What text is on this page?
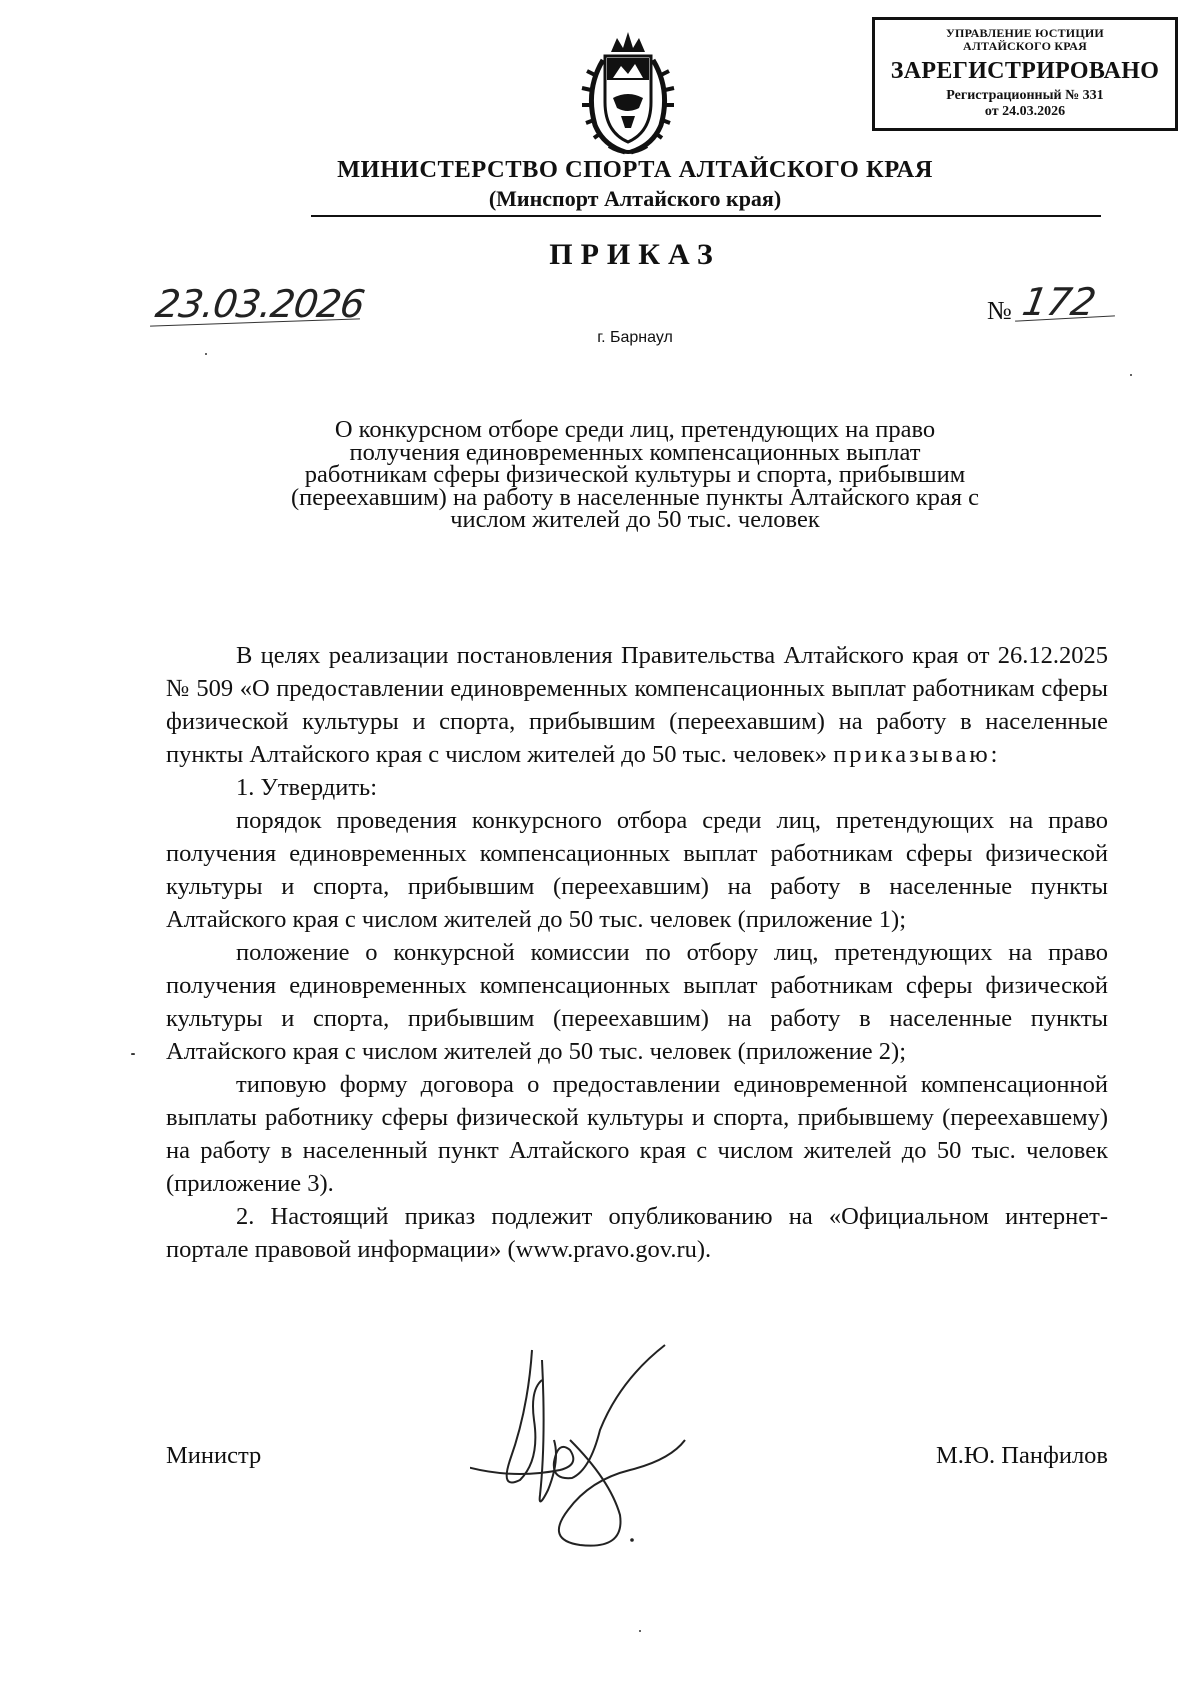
УПРАВЛЕНИЕ ЮСТИЦИИ АЛТАЙСКОГО КРАЯ
ЗАРЕГИСТРИРОВАНО
Регистрационный № 331
от 24.03.2026
МИНИСТЕРСТВО СПОРТА АЛТАЙСКОГО КРАЯ
(Минспорт Алтайского края)
ПРИКАЗ
23.03.2026	№ 172
г. Барнаул
О конкурсном отборе среди лиц, претендующих на право получения единовременных компенсационных выплат работникам сферы физической культуры и спорта, прибывшим (переехавшим) на работу в населенные пункты Алтайского края с числом жителей до 50 тыс. человек

В целях реализации постановления Правительства Алтайского края от 26.12.2025 № 509 «О предоставлении единовременных компенсационных выплат работникам сферы физической культуры и спорта, прибывшим (переехавшим) на работу в населенные пункты Алтайского края с числом жителей до 50 тыс. человек» приказываю:

1. Утвердить:

порядок проведения конкурсного отбора среди лиц, претендующих на право получения единовременных компенсационных выплат работникам сферы физической культуры и спорта, прибывшим (переехавшим) на работу в населенные пункты Алтайского края с числом жителей до 50 тыс. человек (приложение 1);

положение о конкурсной комиссии по отбору лиц, претендующих на право получения единовременных компенсационных выплат работникам сферы физической культуры и спорта, прибывшим (переехавшим) на работу в населенные пункты Алтайского края с числом жителей до 50 тыс. человек (приложение 2);

типовую форму договора о предоставлении единовременной компенсационной выплаты работнику сферы физической культуры и спорта, прибывшему (переехавшему) на работу в населенный пункт Алтайского края с числом жителей до 50 тыс. человек (приложение 3).

2. Настоящий приказ подлежит опубликованию на «Официальном интернет-портале правовой информации» (www.pravo.gov.ru).

Министр	М.Ю. Панфилов
